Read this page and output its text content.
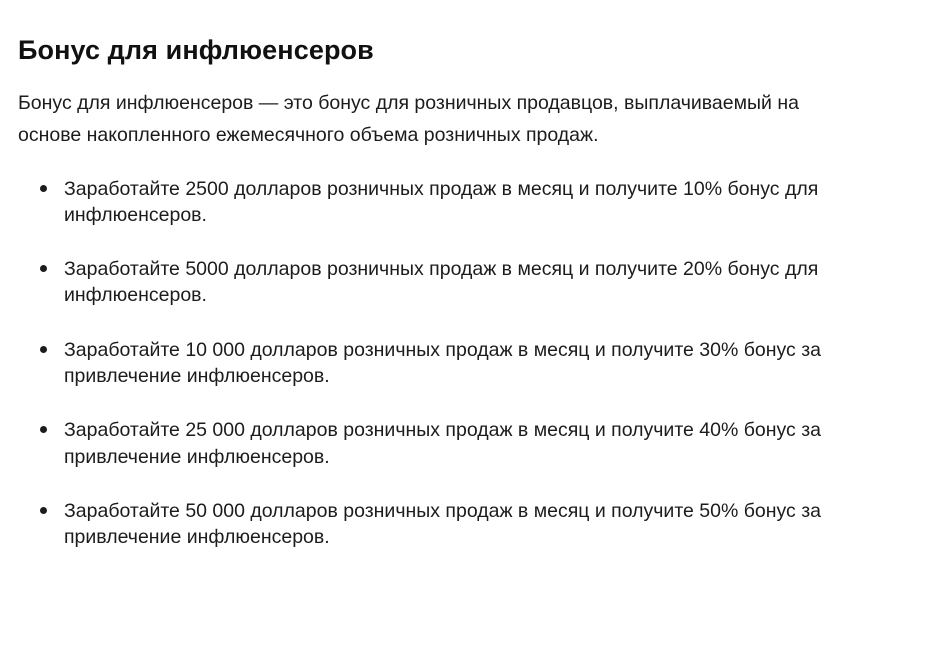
Бонус для инфлюенсеров

Бонус для инфлюенсеров — это бонус для розничных продавцов, выплачиваемый на основе накопленного ежемесячного объема розничных продаж.

Заработайте 2500 долларов розничных продаж в месяц и получите 10% бонус для инфлюенсеров.
Заработайте 5000 долларов розничных продаж в месяц и получите 20% бонус для инфлюенсеров.
Заработайте 10 000 долларов розничных продаж в месяц и получите 30% бонус за привлечение инфлюенсеров.
Заработайте 25 000 долларов розничных продаж в месяц и получите 40% бонус за привлечение инфлюенсеров.
Заработайте 50 000 долларов розничных продаж в месяц и получите 50% бонус за привлечение инфлюенсеров.
